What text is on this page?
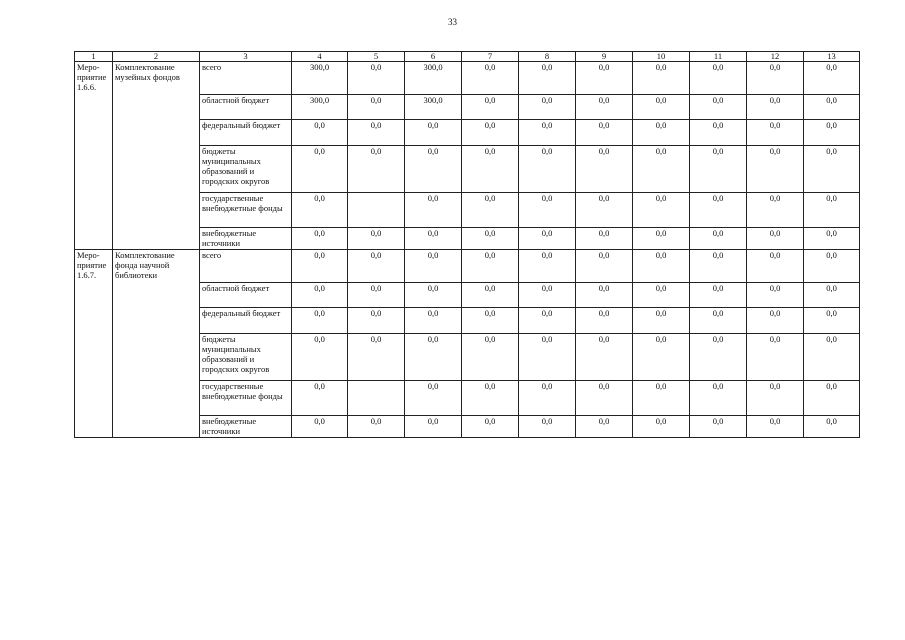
33
1	2	3	4	5	6	7	8	9	10	11	12	13
Меро-приятие 1.6.6.	Комплектование музейных фондов	всего	300,0	0,0	300,0	0,0	0,0	0,0	0,0	0,0	0,0	0,0
		областной бюджет	300,0	0,0	300,0	0,0	0,0	0,0	0,0	0,0	0,0	0,0
		федеральный бюджет	0,0	0,0	0,0	0,0	0,0	0,0	0,0	0,0	0,0	0,0
		бюджеты муниципальных образований и городских округов	0,0	0,0	0,0	0,0	0,0	0,0	0,0	0,0	0,0	0,0
		государственные внебюджетные фонды	0,0		0,0	0,0	0,0	0,0	0,0	0,0	0,0	0,0
		внебюджетные источники	0,0	0,0	0,0	0,0	0,0	0,0	0,0	0,0	0,0	0,0
Меро-приятие 1.6.7.	Комплектование фонда научной библиотеки	всего	0,0	0,0	0,0	0,0	0,0	0,0	0,0	0,0	0,0	0,0
		областной бюджет	0,0	0,0	0,0	0,0	0,0	0,0	0,0	0,0	0,0	0,0
		федеральный бюджет	0,0	0,0	0,0	0,0	0,0	0,0	0,0	0,0	0,0	0,0
		бюджеты муниципальных образований и городских округов	0,0	0,0	0,0	0,0	0,0	0,0	0,0	0,0	0,0	0,0
		государственные внебюджетные фонды	0,0		0,0	0,0	0,0	0,0	0,0	0,0	0,0	0,0
		внебюджетные источники	0,0	0,0	0,0	0,0	0,0	0,0	0,0	0,0	0,0	0,0
